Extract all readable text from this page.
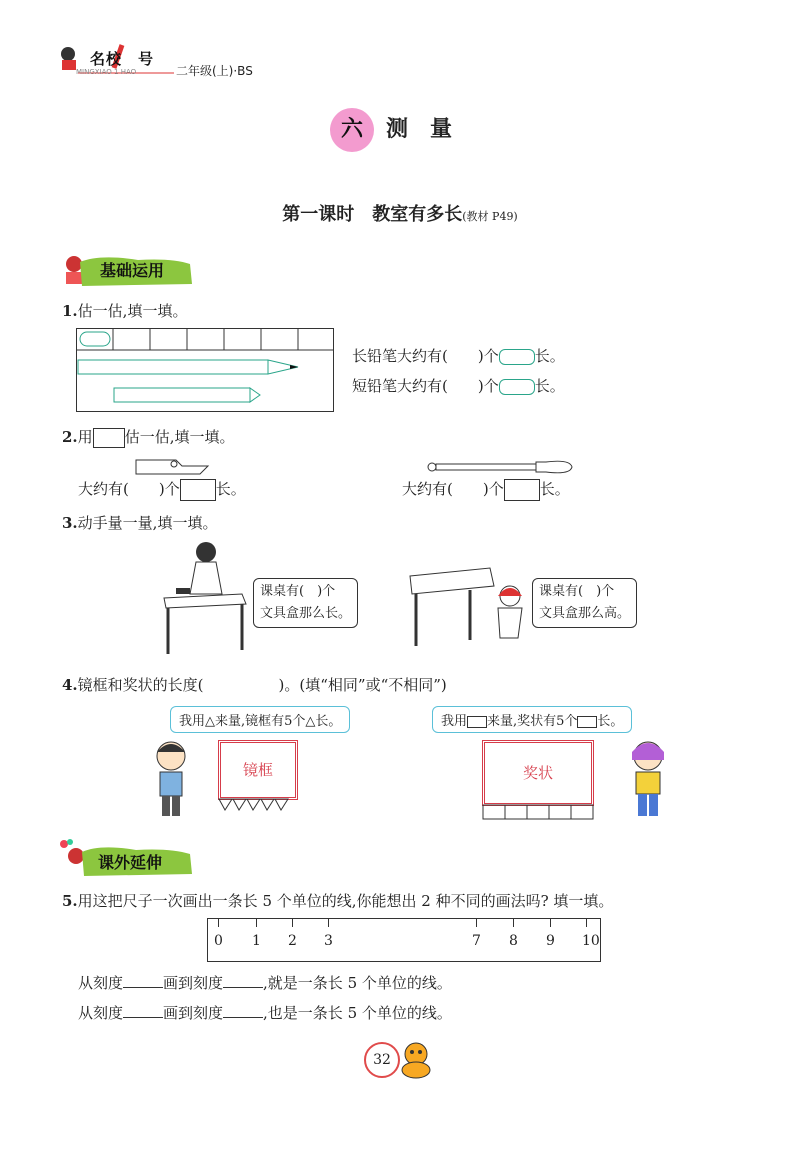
名校 号
MINGXIAO 1 HAO	二年级(上)·BS
六	测量
第一课时　教室有多长(教材 P49)
基础运用
1.估一估,填一填。
长铅笔大约有(　　)个 长。
短铅笔大约有(　　)个 长。
2.用 估一估,填一填。
大约有(　　)个 长。	大约有(　　)个 长。
3.动手量一量,填一填。
课桌有(　)个
文具盒那么长。
课桌有(　)个
文具盒那么高。
4.镜框和奖状的长度(　　　　　)。(填“相同”或“不相同”)
我用△来量,镜框有5个△长。	我用 来量,奖状有5个 长。
镜框	奖状
课外延伸
5.用这把尺子一次画出一条长 5 个单位的线,你能想出 2 种不同的画法吗? 填一填。
0 1 2 3	7 8 9 10
从刻度	画到刻度	,就是一条长 5 个单位的线。
从刻度	画到刻度	,也是一条长 5 个单位的线。
32
